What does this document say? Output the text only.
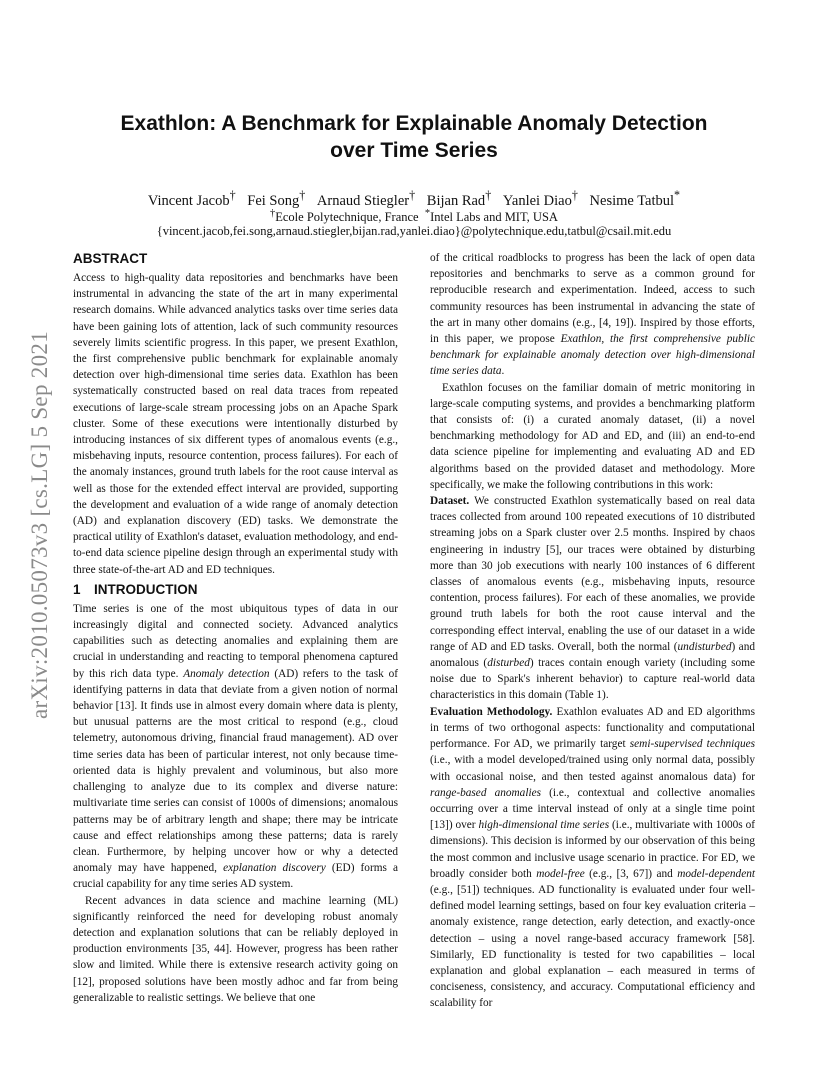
arXiv:2010.05073v3 [cs.LG] 5 Sep 2021
Exathlon: A Benchmark for Explainable Anomaly Detection
over Time Series
Vincent Jacob† Fei Song† Arnaud Stiegler† Bijan Rad† Yanlei Diao† Nesime Tatbul*
†Ecole Polytechnique, France *Intel Labs and MIT, USA
{vincent.jacob,fei.song,arnaud.stiegler,bijan.rad,yanlei.diao}@polytechnique.edu,tatbul@csail.mit.edu
ABSTRACT

Access to high-quality data repositories and benchmarks have been instrumental in advancing the state of the art in many experimental research domains. While advanced analytics tasks over time series data have been gaining lots of attention, lack of such community resources severely limits scientific progress. In this paper, we present Exathlon, the first comprehensive public benchmark for explainable anomaly detection over high-dimensional time series data. Exathlon has been systematically constructed based on real data traces from repeated executions of large-scale stream processing jobs on an Apache Spark cluster. Some of these executions were intentionally disturbed by introducing instances of six different types of anomalous events (e.g., misbehaving inputs, resource contention, process failures). For each of the anomaly instances, ground truth labels for the root cause interval as well as those for the extended effect interval are provided, supporting the development and evaluation of a wide range of anomaly detection (AD) and explanation discovery (ED) tasks. We demonstrate the practical utility of Exathlon's dataset, evaluation methodology, and end-to-end data science pipeline design through an experimental study with three state-of-the-art AD and ED techniques.

1 INTRODUCTION

Time series is one of the most ubiquitous types of data in our increasingly digital and connected society. Advanced analytics capabilities such as detecting anomalies and explaining them are crucial in understanding and reacting to temporal phenomena captured by this rich data type. Anomaly detection (AD) refers to the task of identifying patterns in data that deviate from a given notion of normal behavior [13]. It finds use in almost every domain where data is plenty, but unusual patterns are the most critical to respond (e.g., cloud telemetry, autonomous driving, financial fraud management). AD over time series data has been of particular interest, not only because time-oriented data is highly prevalent and voluminous, but also more challenging to analyze due to its complex and diverse nature: multivariate time series can consist of 1000s of dimensions; anomalous patterns may be of arbitrary length and shape; there may be intricate cause and effect relationships among these patterns; data is rarely clean. Furthermore, by helping uncover how or why a detected anomaly may have happened, explanation discovery (ED) forms a crucial capability for any time series AD system.

Recent advances in data science and machine learning (ML) significantly reinforced the need for developing robust anomaly detection and explanation solutions that can be reliably deployed in production environments [35, 44]. However, progress has been rather slow and limited. While there is extensive research activity going on [12], proposed solutions have been mostly adhoc and far from being generalizable to realistic settings. We believe that one

of the critical roadblocks to progress has been the lack of open data repositories and benchmarks to serve as a common ground for reproducible research and experimentation. Indeed, access to such community resources has been instrumental in advancing the state of the art in many other domains (e.g., [4, 19]). Inspired by those efforts, in this paper, we propose Exathlon, the first comprehensive public benchmark for explainable anomaly detection over high-dimensional time series data.

Exathlon focuses on the familiar domain of metric monitoring in large-scale computing systems, and provides a benchmarking platform that consists of: (i) a curated anomaly dataset, (ii) a novel benchmarking methodology for AD and ED, and (iii) an end-to-end data science pipeline for implementing and evaluating AD and ED algorithms based on the provided dataset and methodology. More specifically, we make the following contributions in this work:

Dataset. We constructed Exathlon systematically based on real data traces collected from around 100 repeated executions of 10 distributed streaming jobs on a Spark cluster over 2.5 months. Inspired by chaos engineering in industry [5], our traces were obtained by disturbing more than 30 job executions with nearly 100 instances of 6 different classes of anomalous events (e.g., misbehaving inputs, resource contention, process failures). For each of these anomalies, we provide ground truth labels for both the root cause interval and the corresponding effect interval, enabling the use of our dataset in a wide range of AD and ED tasks. Overall, both the normal (undisturbed) and anomalous (disturbed) traces contain enough variety (including some noise due to Spark's inherent behavior) to capture real-world data characteristics in this domain (Table 1).

Evaluation Methodology. Exathlon evaluates AD and ED algorithms in terms of two orthogonal aspects: functionality and computational performance. For AD, we primarily target semi-supervised techniques (i.e., with a model developed/trained using only normal data, possibly with occasional noise, and then tested against anomalous data) for range-based anomalies (i.e., contextual and collective anomalies occurring over a time interval instead of only at a single time point [13]) over high-dimensional time series (i.e., multivariate with 1000s of dimensions). This decision is informed by our observation of this being the most common and inclusive usage scenario in practice. For ED, we broadly consider both model-free (e.g., [3, 67]) and model-dependent (e.g., [51]) techniques. AD functionality is evaluated under four well-defined model learning settings, based on four key evaluation criteria – anomaly existence, range detection, early detection, and exactly-once detection – using a novel range-based accuracy framework [58]. Similarly, ED functionality is tested for two capabilities – local explanation and global explanation – each measured in terms of conciseness, consistency, and accuracy. Computational efficiency and scalability for
